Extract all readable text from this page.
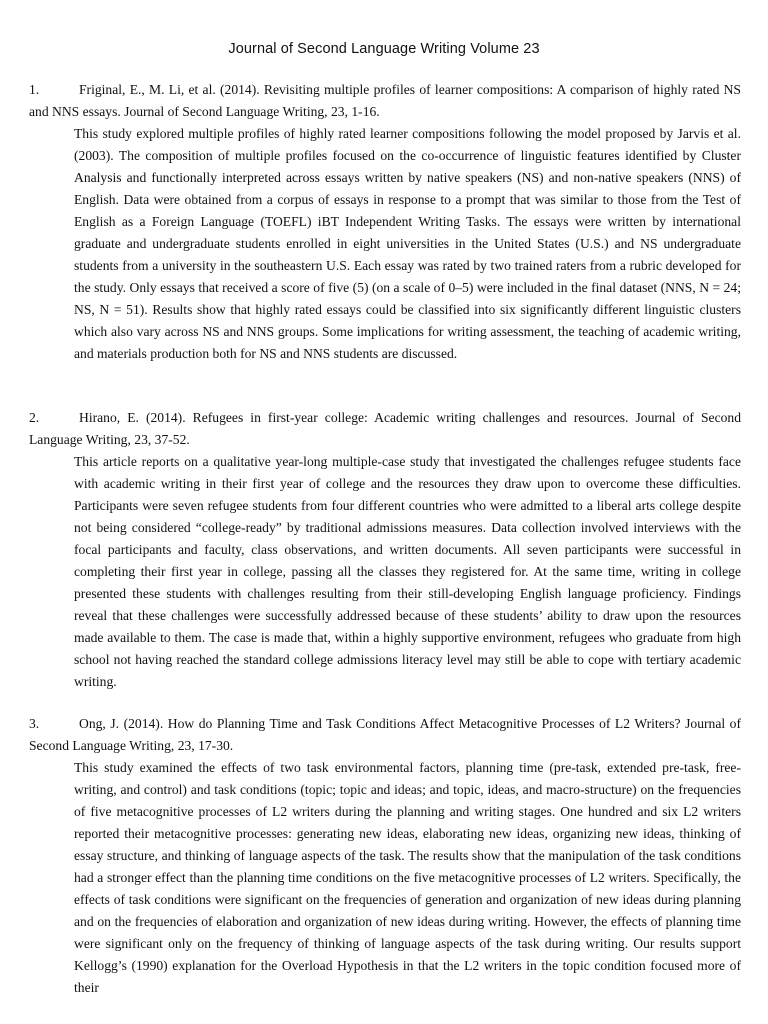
Journal of Second Language Writing Volume 23
1.	Friginal, E., M. Li, et al. (2014). Revisiting multiple profiles of learner compositions: A comparison of highly rated NS and NNS essays. Journal of Second Language Writing, 23, 1-16.
This study explored multiple profiles of highly rated learner compositions following the model proposed by Jarvis et al. (2003). The composition of multiple profiles focused on the co-occurrence of linguistic features identified by Cluster Analysis and functionally interpreted across essays written by native speakers (NS) and non-native speakers (NNS) of English. Data were obtained from a corpus of essays in response to a prompt that was similar to those from the Test of English as a Foreign Language (TOEFL) iBT Independent Writing Tasks. The essays were written by international graduate and undergraduate students enrolled in eight universities in the United States (U.S.) and NS undergraduate students from a university in the southeastern U.S. Each essay was rated by two trained raters from a rubric developed for the study. Only essays that received a score of five (5) (on a scale of 0–5) were included in the final dataset (NNS, N = 24; NS, N = 51). Results show that highly rated essays could be classified into six significantly different linguistic clusters which also vary across NS and NNS groups. Some implications for writing assessment, the teaching of academic writing, and materials production both for NS and NNS students are discussed.
2.	Hirano, E. (2014). Refugees in first-year college: Academic writing challenges and resources. Journal of Second Language Writing, 23, 37-52.
This article reports on a qualitative year-long multiple-case study that investigated the challenges refugee students face with academic writing in their first year of college and the resources they draw upon to overcome these difficulties. Participants were seven refugee students from four different countries who were admitted to a liberal arts college despite not being considered “college-ready” by traditional admissions measures. Data collection involved interviews with the focal participants and faculty, class observations, and written documents. All seven participants were successful in completing their first year in college, passing all the classes they registered for. At the same time, writing in college presented these students with challenges resulting from their still-developing English language proficiency. Findings reveal that these challenges were successfully addressed because of these students’ ability to draw upon the resources made available to them. The case is made that, within a highly supportive environment, refugees who graduate from high school not having reached the standard college admissions literacy level may still be able to cope with tertiary academic writing.
3.	Ong, J. (2014). How do Planning Time and Task Conditions Affect Metacognitive Processes of L2 Writers? Journal of Second Language Writing, 23, 17-30.
This study examined the effects of two task environmental factors, planning time (pre-task, extended pre-task, free-writing, and control) and task conditions (topic; topic and ideas; and topic, ideas, and macro-structure) on the frequencies of five metacognitive processes of L2 writers during the planning and writing stages. One hundred and six L2 writers reported their metacognitive processes: generating new ideas, elaborating new ideas, organizing new ideas, thinking of essay structure, and thinking of language aspects of the task. The results show that the manipulation of the task conditions had a stronger effect than the planning time conditions on the five metacognitive processes of L2 writers. Specifically, the effects of task conditions were significant on the frequencies of generation and organization of new ideas during planning and on the frequencies of elaboration and organization of new ideas during writing. However, the effects of planning time were significant only on the frequency of thinking of language aspects of the task during writing. Our results support Kellogg’s (1990) explanation for the Overload Hypothesis in that the L2 writers in the topic condition focused more of their
